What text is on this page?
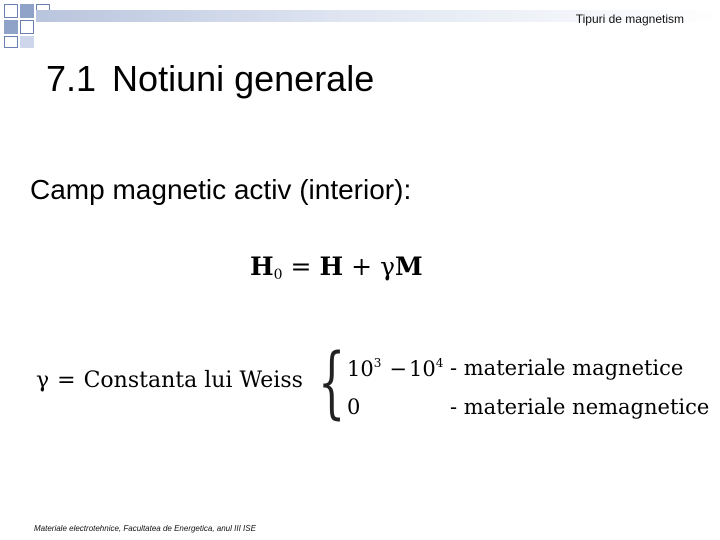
Tipuri de magnetism
7.1 Notiuni generale
Camp magnetic activ (interior):
$H_0 = H + \gamma M$
γ = Constanta lui Weiss { $10^3 -10^4$ - materiale magnetice
0	- materiale nemagnetice
Materiale electrotehnice, Facultatea de Energetica, anul III ISE
